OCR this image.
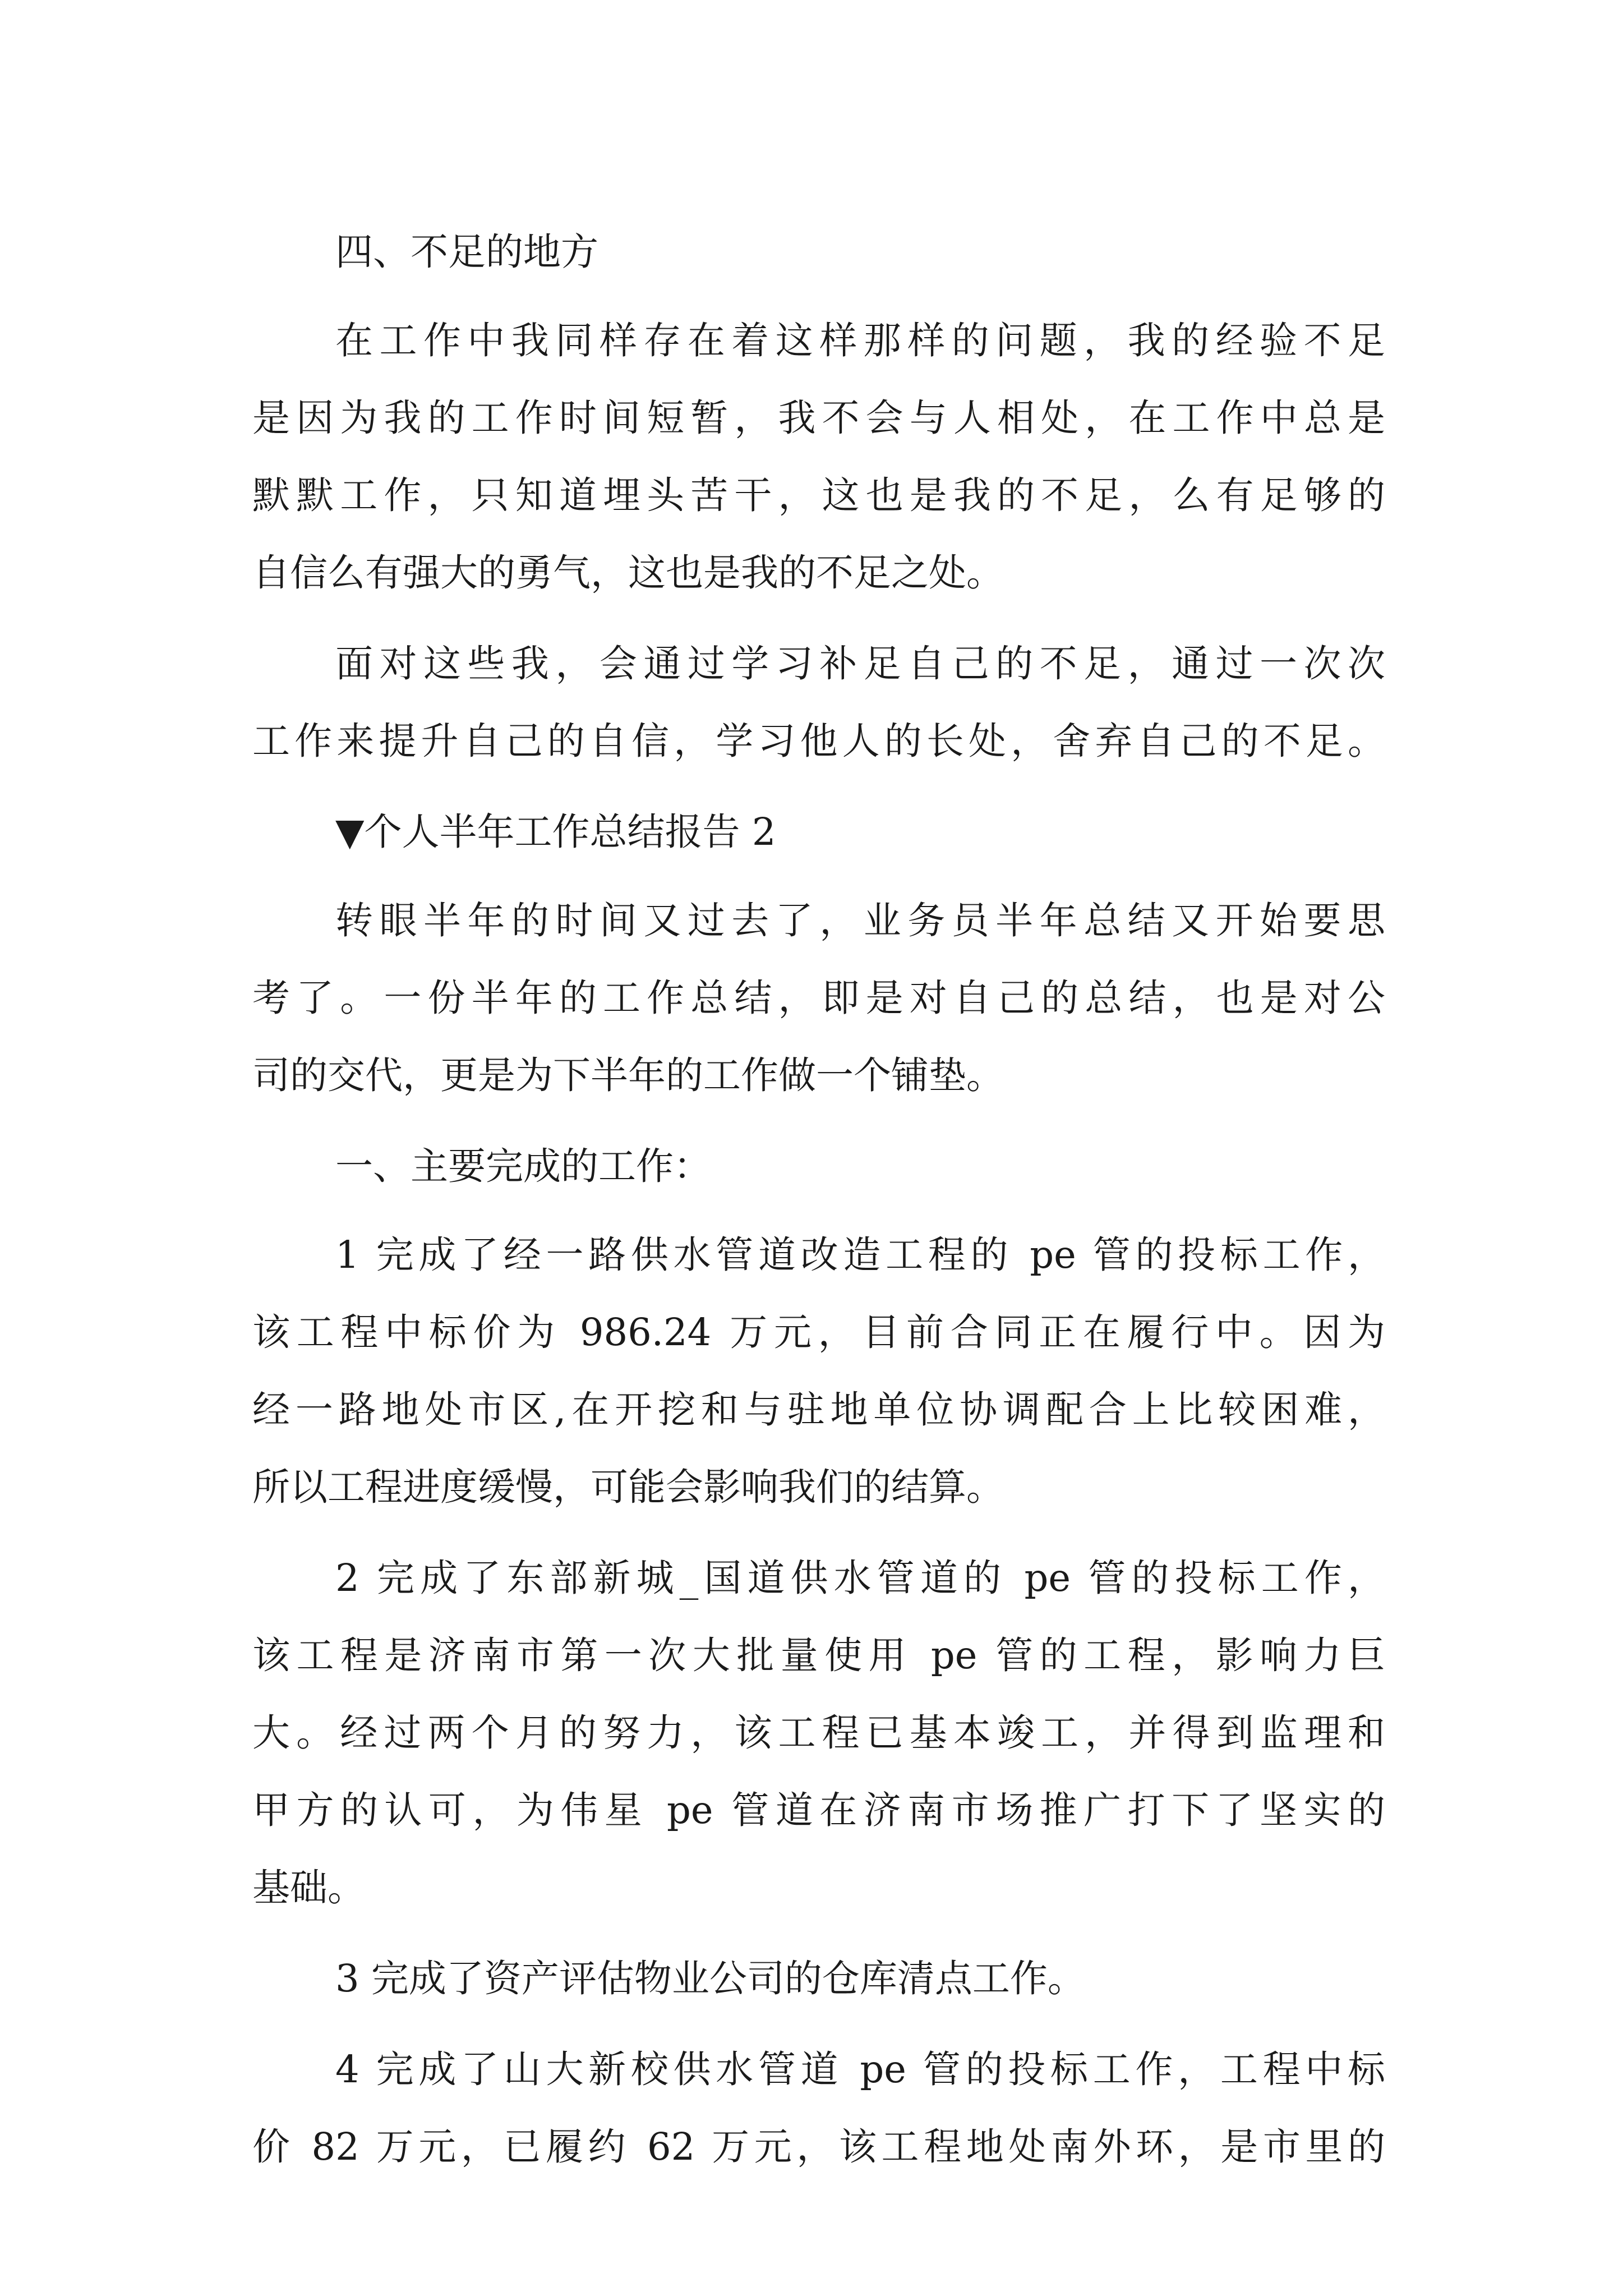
四、不足的地方
在工作中我同样存在着这样那样的问题，我的经验不足
是因为我的工作时间短暂，我不会与人相处，在工作中总是
默默工作，只知道埋头苦干，这也是我的不足，么有足够的
自信么有强大的勇气，这也是我的不足之处。
面对这些我，会通过学习补足自己的不足，通过一次次
工作来提升自己的自信，学习他人的长处，舍弃自己的不足。
▼个人半年工作总结报告 2
转眼半年的时间又过去了，业务员半年总结又开始要思
考了。一份半年的工作总结，即是对自己的总结，也是对公
司的交代，更是为下半年的工作做一个铺垫。
一、主要完成的工作：
1 完成了经一路供水管道改造工程的 pe 管的投标工作，
该工程中标价为 986.24 万元，目前合同正在履行中。因为
经一路地处市区,在开挖和与驻地单位协调配合上比较困难，
所以工程进度缓慢，可能会影响我们的结算。
2 完成了东部新城_国道供水管道的 pe 管的投标工作，
该工程是济南市第一次大批量使用 pe 管的工程，影响力巨
大。经过两个月的努力，该工程已基本竣工，并得到监理和
甲方的认可，为伟星 pe 管道在济南市场推广打下了坚实的
基础。
3 完成了资产评估物业公司的仓库清点工作。
4 完成了山大新校供水管道 pe 管的投标工作，工程中标
价 82 万元，已履约 62 万元，该工程地处南外环，是市里的
